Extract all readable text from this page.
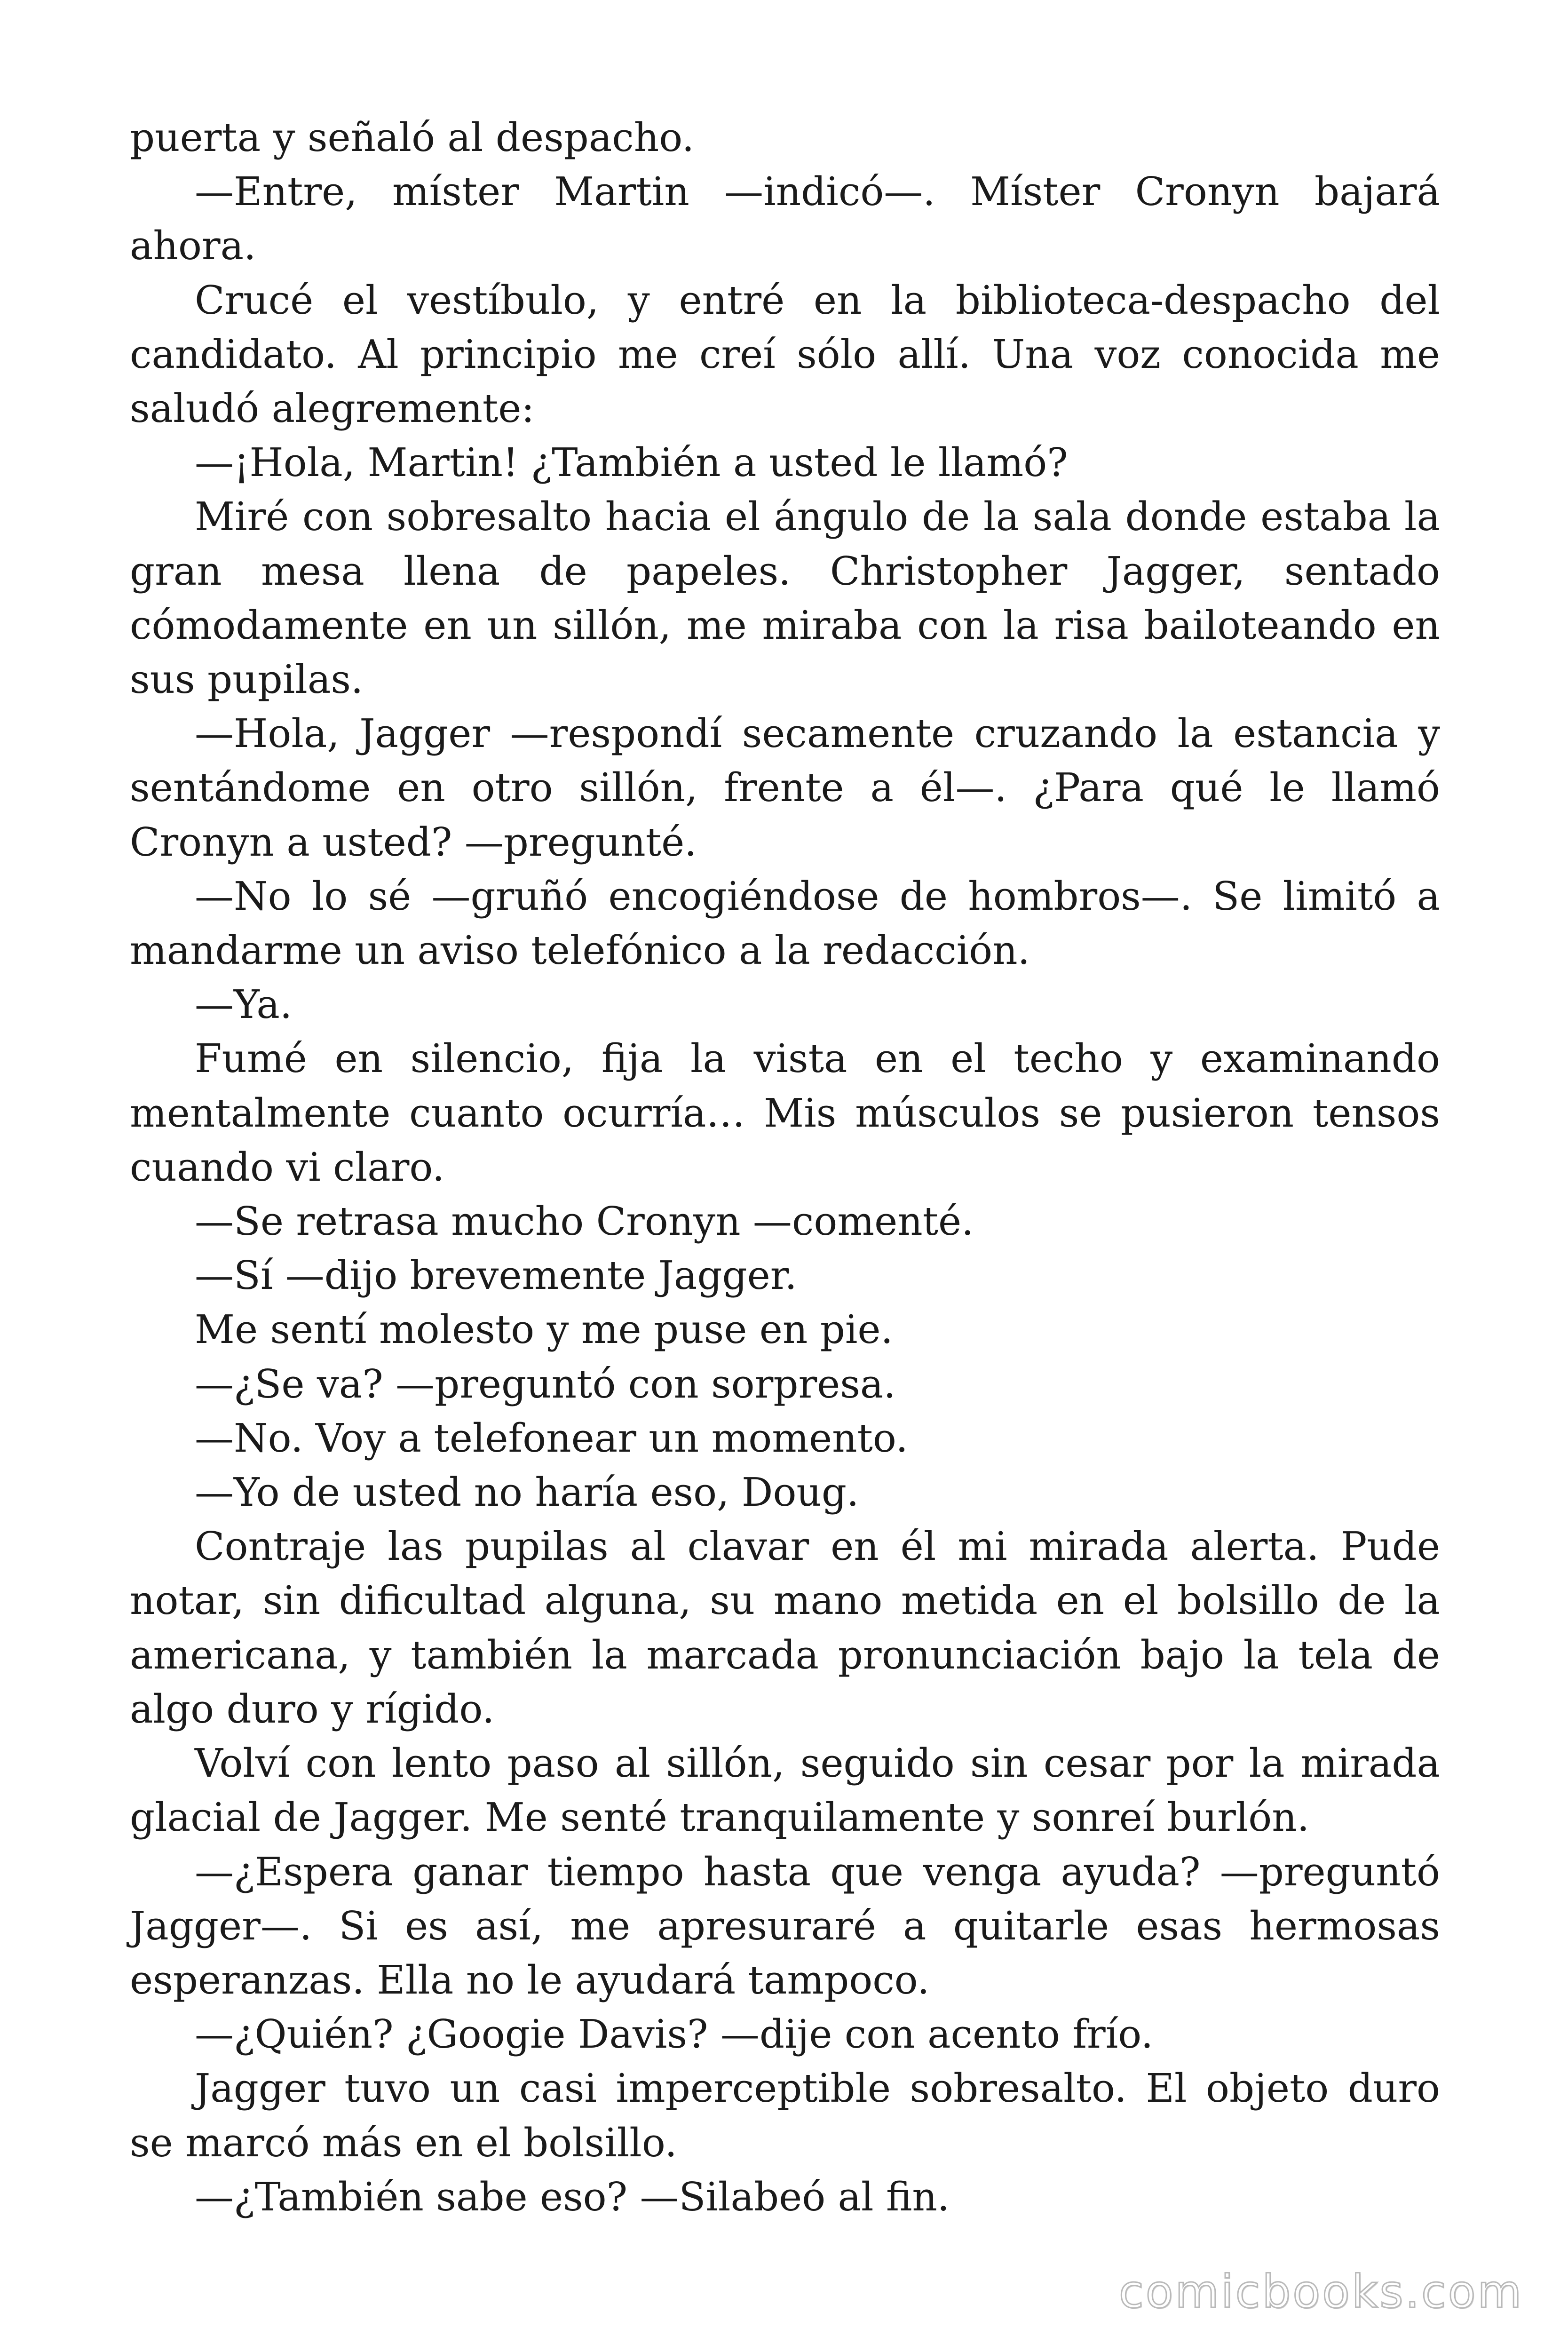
puerta y señaló al despacho.

—Entre, míster Martin —indicó—. Míster Cronyn bajará ahora.

Crucé el vestíbulo, y entré en la biblioteca-despacho del candidato. Al principio me creí sólo allí. Una voz conocida me saludó alegremente:

—¡Hola, Martin! ¿También a usted le llamó?

Miré con sobresalto hacia el ángulo de la sala donde estaba la gran mesa llena de papeles. Christopher Jagger, sentado cómodamente en un sillón, me miraba con la risa bailoteando en sus pupilas.

—Hola, Jagger —respondí secamente cruzando la estancia y sentándome en otro sillón, frente a él—. ¿Para qué le llamó Cronyn a usted? —pregunté.

—No lo sé —gruñó encogiéndose de hombros—. Se limitó a mandarme un aviso telefónico a la redacción.

—Ya.

Fumé en silencio, fija la vista en el techo y examinando mentalmente cuanto ocurría… Mis músculos se pusieron tensos cuando vi claro.

—Se retrasa mucho Cronyn —comenté.

—Sí —dijo brevemente Jagger.

Me sentí molesto y me puse en pie.

—¿Se va? —preguntó con sorpresa.

—No. Voy a telefonear un momento.

—Yo de usted no haría eso, Doug.

Contraje las pupilas al clavar en él mi mirada alerta. Pude notar, sin dificultad alguna, su mano metida en el bolsillo de la americana, y también la marcada pronunciación bajo la tela de algo duro y rígido.

Volví con lento paso al sillón, seguido sin cesar por la mirada glacial de Jagger. Me senté tranquilamente y sonreí burlón.

—¿Espera ganar tiempo hasta que venga ayuda? —preguntó Jagger—. Si es así, me apresuraré a quitarle esas hermosas esperanzas. Ella no le ayudará tampoco.

—¿Quién? ¿Googie Davis? —dije con acento frío.

Jagger tuvo un casi imperceptible sobresalto. El objeto duro se marcó más en el bolsillo.

—¿También sabe eso? —Silabeó al fin.

comicbooks.com
